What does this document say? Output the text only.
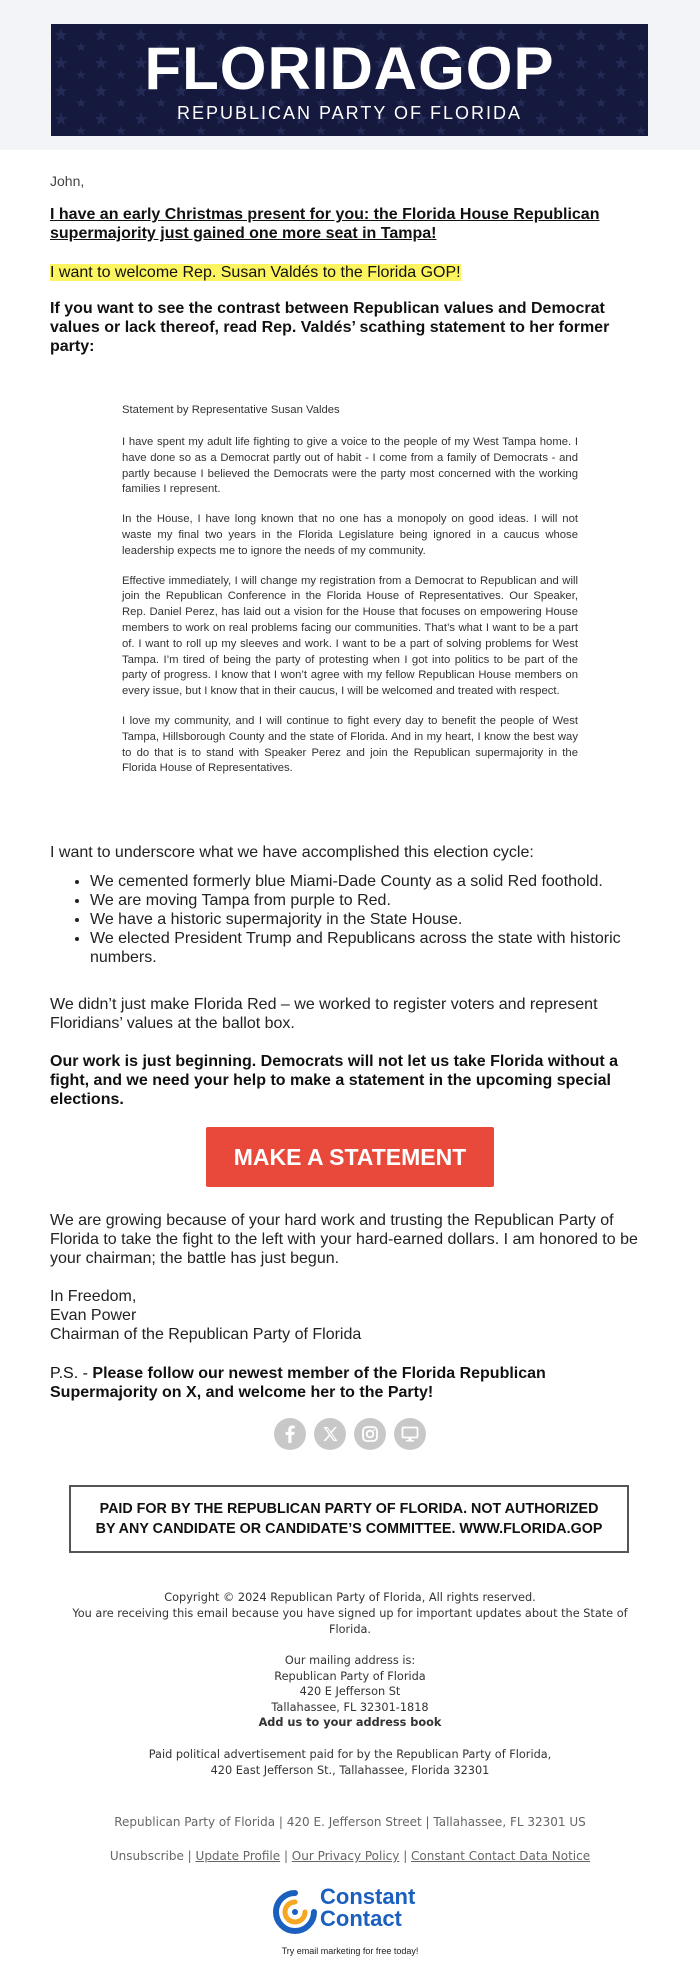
FLORIDAGOP
REPUBLICAN PARTY OF FLORIDA
John,
I have an early Christmas present for you: the Florida House Republican supermajority just gained one more seat in Tampa!
I want to welcome Rep. Susan Valdés to the Florida GOP!
If you want to see the contrast between Republican values and Democrat values or lack thereof, read Rep. Valdés’ scathing statement to her former party:
Statement by Representative Susan Valdes

I have spent my adult life fighting to give a voice to the people of my West Tampa home. I have done so as a Democrat partly out of habit - I come from a family of Democrats - and partly because I believed the Democrats were the party most concerned with the working families I represent.

In the House, I have long known that no one has a monopoly on good ideas. I will not waste my final two years in the Florida Legislature being ignored in a caucus whose leadership expects me to ignore the needs of my community.

Effective immediately, I will change my registration from a Democrat to Republican and will join the Republican Conference in the Florida House of Representatives. Our Speaker, Rep. Daniel Perez, has laid out a vision for the House that focuses on empowering House members to work on real problems facing our communities. That’s what I want to be a part of. I want to roll up my sleeves and work. I want to be a part of solving problems for West Tampa. I’m tired of being the party of protesting when I got into politics to be part of the party of progress. I know that I won’t agree with my fellow Republican House members on every issue, but I know that in their caucus, I will be welcomed and treated with respect.

I love my community, and I will continue to fight every day to benefit the people of West Tampa, Hillsborough County and the state of Florida. And in my heart, I know the best way to do that is to stand with Speaker Perez and join the Republican supermajority in the Florida House of Representatives.

I want to underscore what we have accomplished this election cycle:
• We cemented formerly blue Miami-Dade County as a solid Red foothold.
• We are moving Tampa from purple to Red.
• We have a historic supermajority in the State House.
• We elected President Trump and Republicans across the state with historic numbers.
We didn’t just make Florida Red – we worked to register voters and represent Floridians’ values at the ballot box.
Our work is just beginning. Democrats will not let us take Florida without a fight, and we need your help to make a statement in the upcoming special elections.
MAKE A STATEMENT
We are growing because of your hard work and trusting the Republican Party of Florida to take the fight to the left with your hard-earned dollars. I am honored to be your chairman; the battle has just begun.
In Freedom,
Evan Power
Chairman of the Republican Party of Florida
P.S. - Please follow our newest member of the Florida Republican Supermajority on X, and welcome her to the Party!
PAID FOR BY THE REPUBLICAN PARTY OF FLORIDA. NOT AUTHORIZED
BY ANY CANDIDATE OR CANDIDATE’S COMMITTEE. WWW.FLORIDA.GOP
Copyright © 2024 Republican Party of Florida, All rights reserved.
You are receiving this email because you have signed up for important updates about the State of Florida.
Our mailing address is:
Republican Party of Florida
420 E Jefferson St
Tallahassee, FL 32301-1818
Add us to your address book
Paid political advertisement paid for by the Republican Party of Florida,
420 East Jefferson St., Tallahassee, Florida 32301
Republican Party of Florida | 420 E. Jefferson Street | Tallahassee, FL 32301 US
Unsubscribe | Update Profile | Our Privacy Policy | Constant Contact Data Notice
Constant
Contact
Try email marketing for free today!
